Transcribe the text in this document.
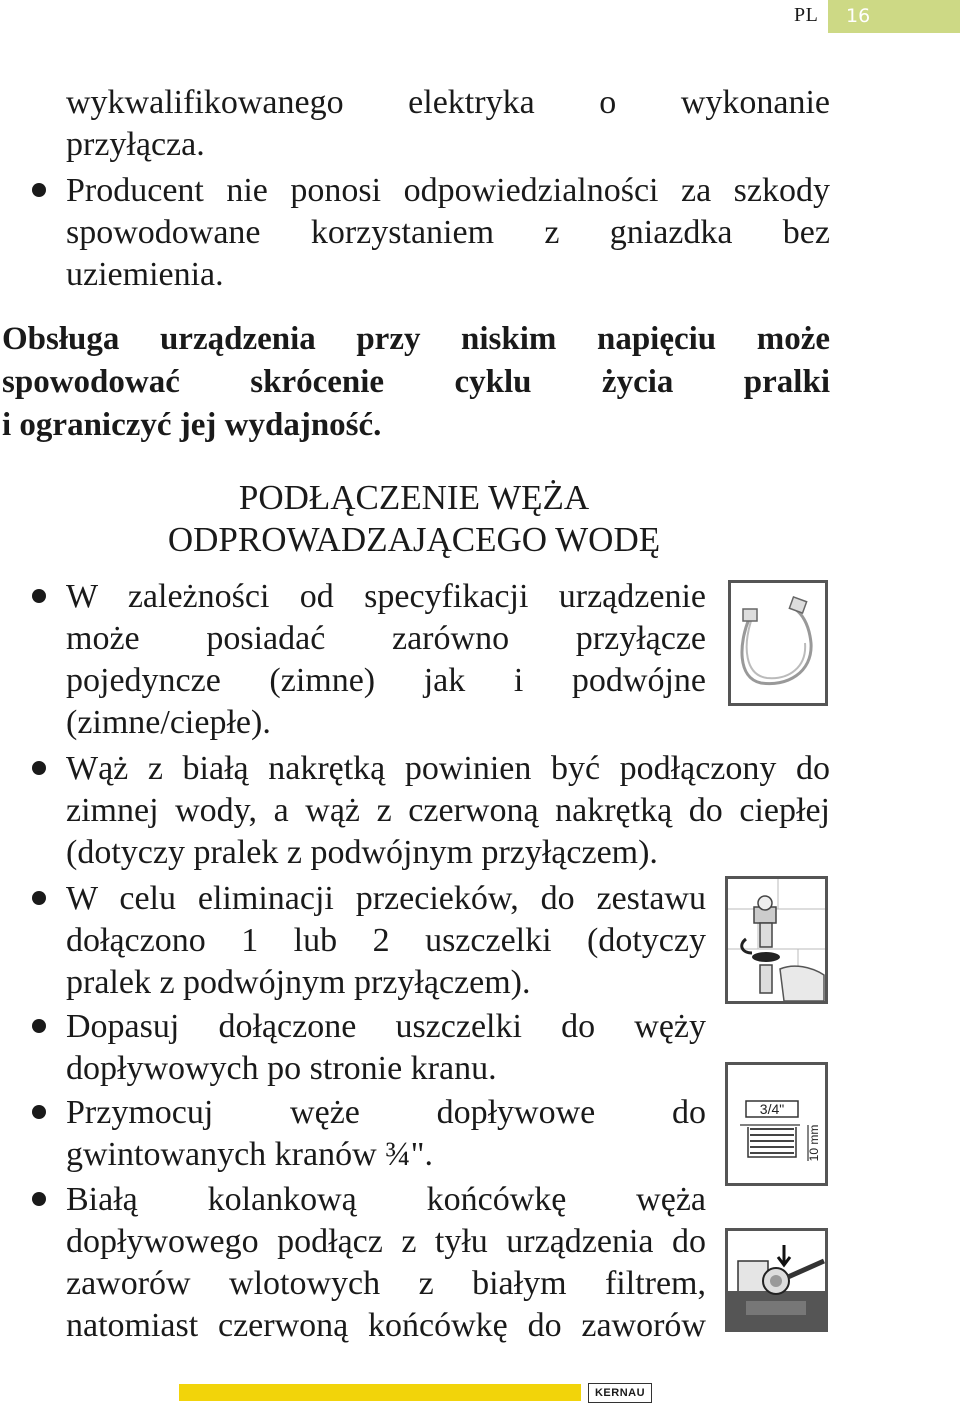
PL 16
wykwalifikowanego elektryka o wykonanie
przyłącza.
Producent nie ponosi odpowiedzialności za szkody
spowodowane korzystaniem z gniazdka bez
uziemienia.
Obsługa urządzenia przy niskim napięciu może
spowodować skrócenie cyklu życia pralki
i ograniczyć jej wydajność.
PODŁĄCZENIE WĘŻA
ODPROWADZAJĄCEGO WODĘ
W zależności od specyfikacji urządzenie
może posiadać zarówno przyłącze
pojedyncze (zimne) jak i podwójne
(zimne/ciepłe).
Wąż z białą nakrętką powinien być podłączony do
zimnej wody, a wąż z czerwoną nakrętką do ciepłej
(dotyczy pralek z podwójnym przyłączem).
W celu eliminacji przecieków, do zestawu
dołączono 1 lub 2 uszczelki (dotyczy
pralek z podwójnym przyłączem).
Dopasuj dołączone uszczelki do węży
dopływowych po stronie kranu.
Przymocuj węże dopływowe do
gwintowanych kranów ¾".
3/4"
10 mm
Białą kolankową końcówkę węża
dopływowego podłącz z tyłu urządzenia do
zaworów wlotowych z białym filtrem,
natomiast czerwoną końcówkę do zaworów
KERNAU
